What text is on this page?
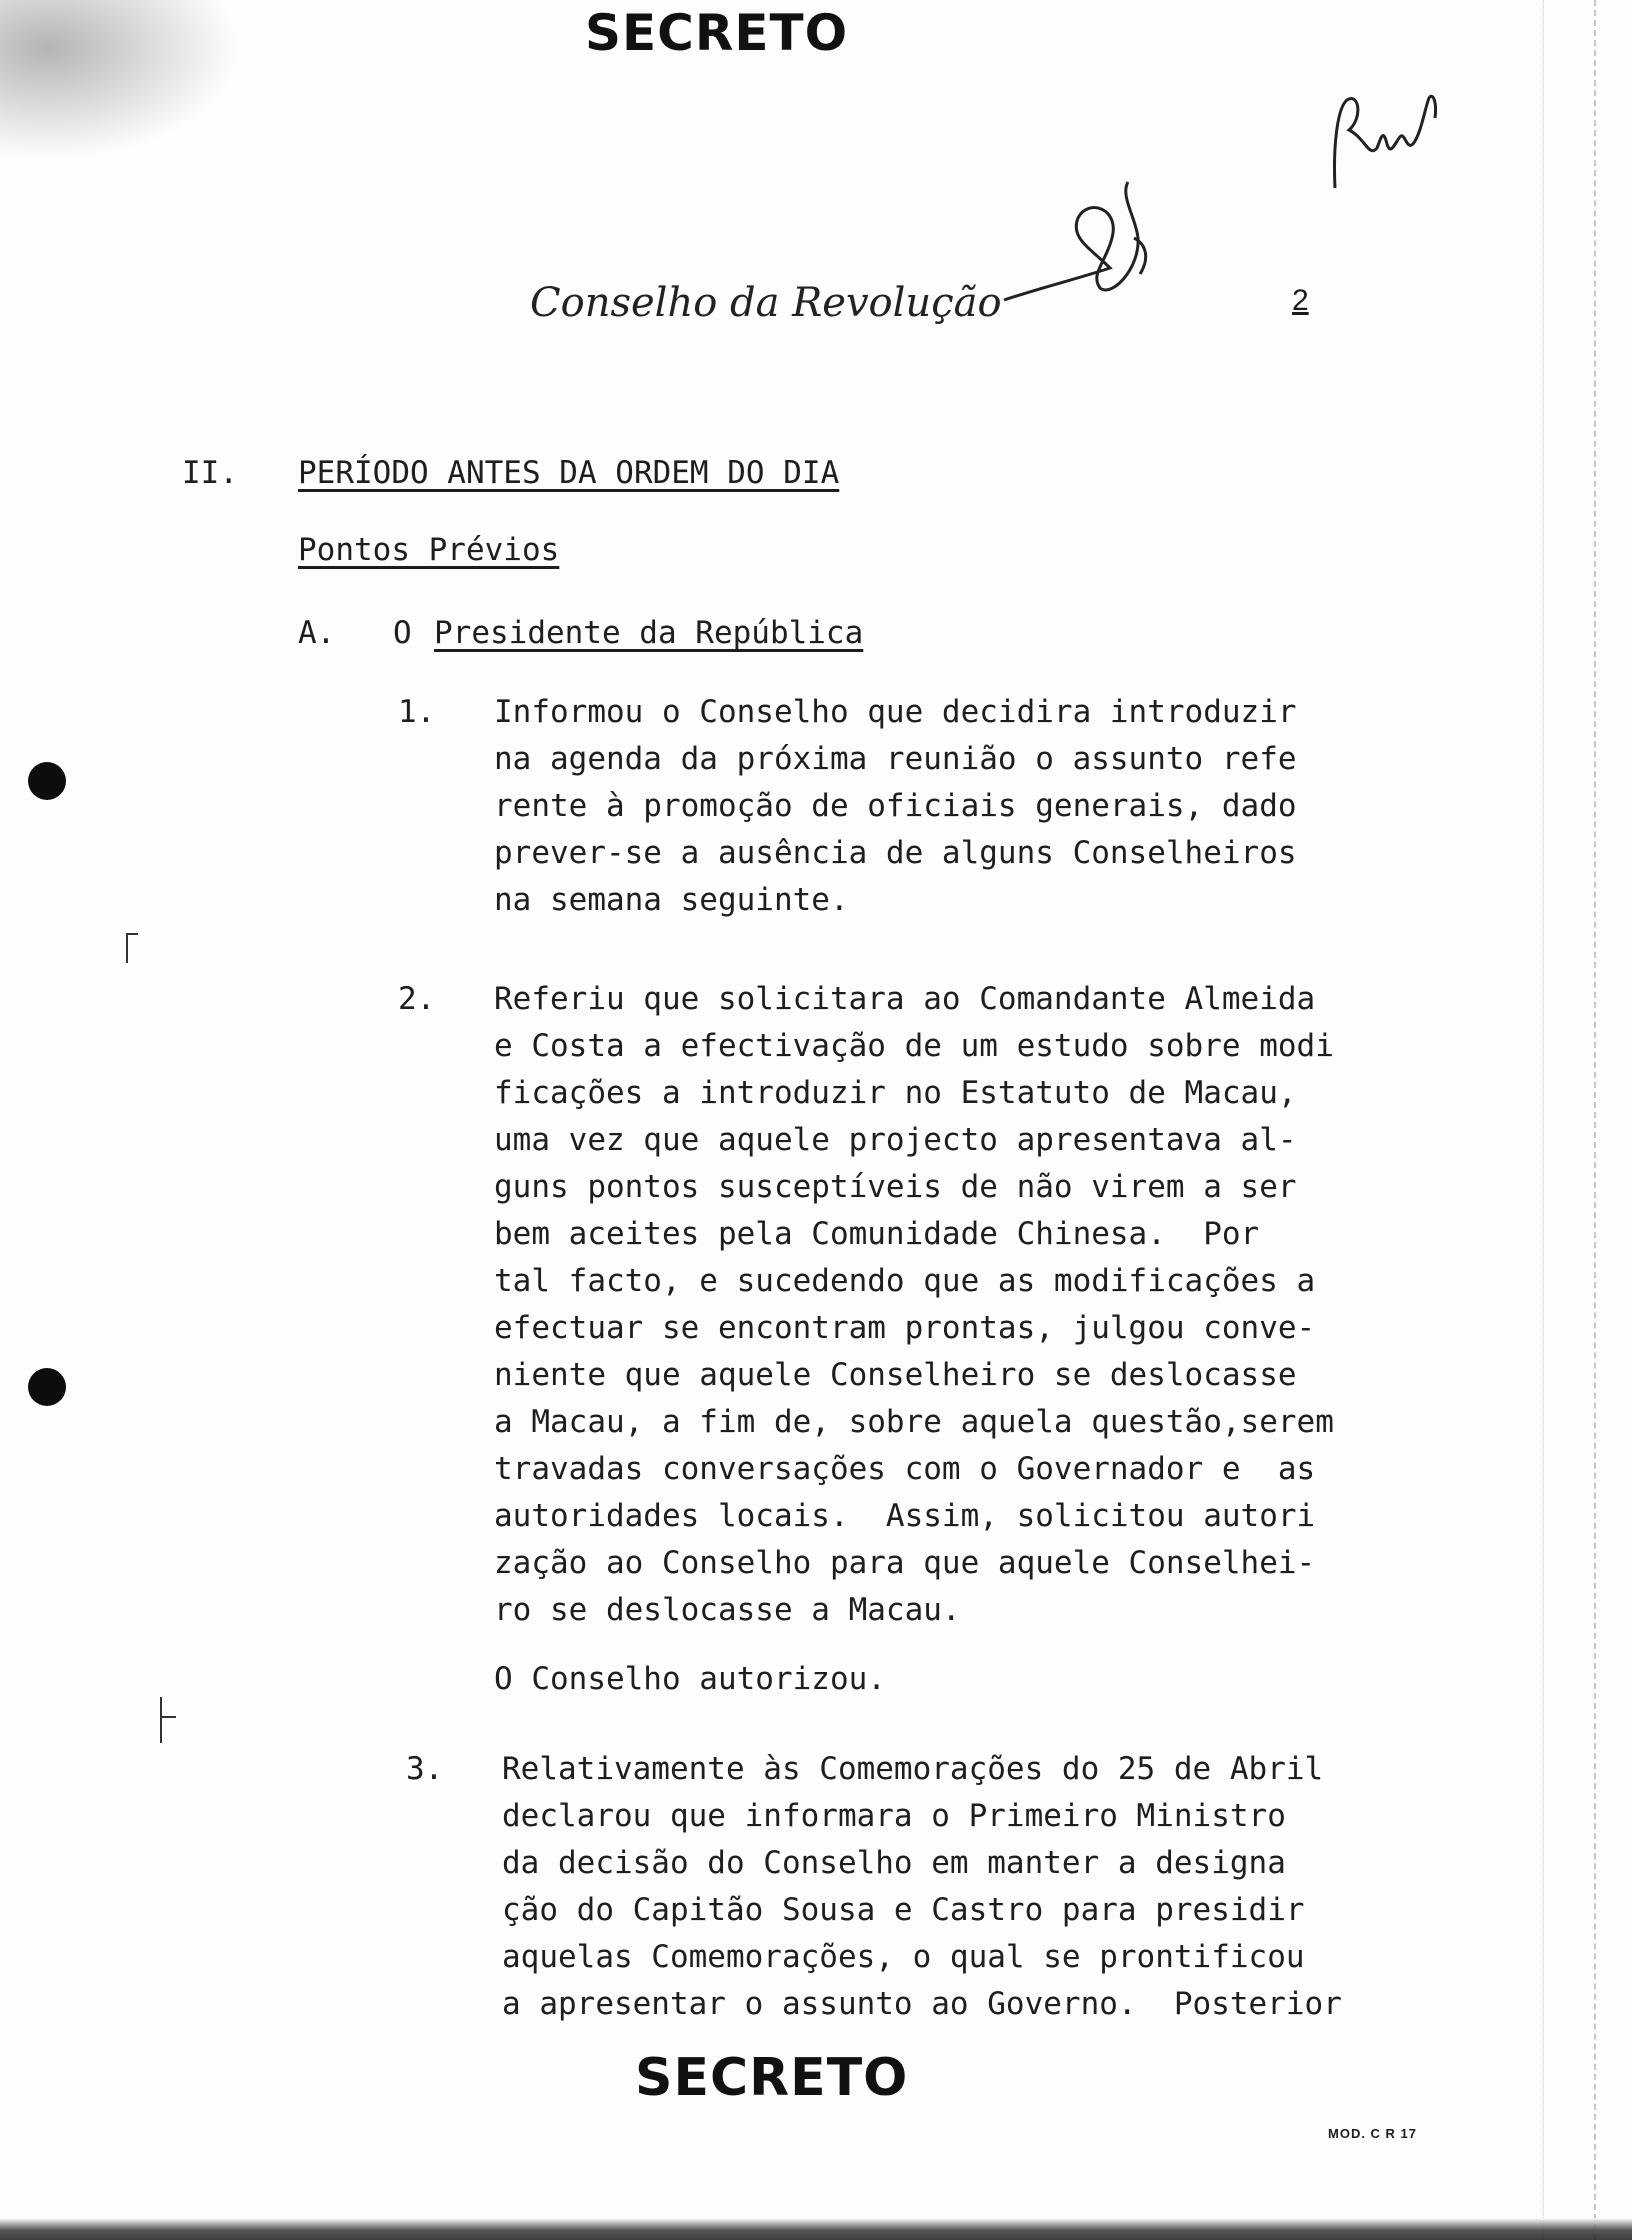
SECRETO
SECRETO
Conselho da Revolução	2
II. PERÍODO ANTES DA ORDEM DO DIA
Pontos Prévios
A. O Presidente da República
1. Informou o Conselho que decidira introduzir
na agenda da próxima reunião o assunto refe
rente à promoção de oficiais generais, dado
prever-se a ausência de alguns Conselheiros
na semana seguinte.
2. Referiu que solicitara ao Comandante Almeida
e Costa a efectivação de um estudo sobre modi
ficações a introduzir no Estatuto de Macau,
uma vez que aquele projecto apresentava al-
guns pontos susceptíveis de não virem a ser
bem aceites pela Comunidade Chinesa.  Por
tal facto, e sucedendo que as modificações a
efectuar se encontram prontas, julgou conve-
niente que aquele Conselheiro se deslocasse
a Macau, a fim de, sobre aquela questão,serem
travadas conversações com o Governador e  as
autoridades locais.  Assim, solicitou autori
zação ao Conselho para que aquele Conselhei-
ro se deslocasse a Macau.
O Conselho autorizou.
3. Relativamente às Comemorações do 25 de Abril
declarou que informara o Primeiro Ministro
da decisão do Conselho em manter a designa
ção do Capitão Sousa e Castro para presidir
aquelas Comemorações, o qual se prontificou
a apresentar o assunto ao Governo.  Posterior
MOD. C R 17
